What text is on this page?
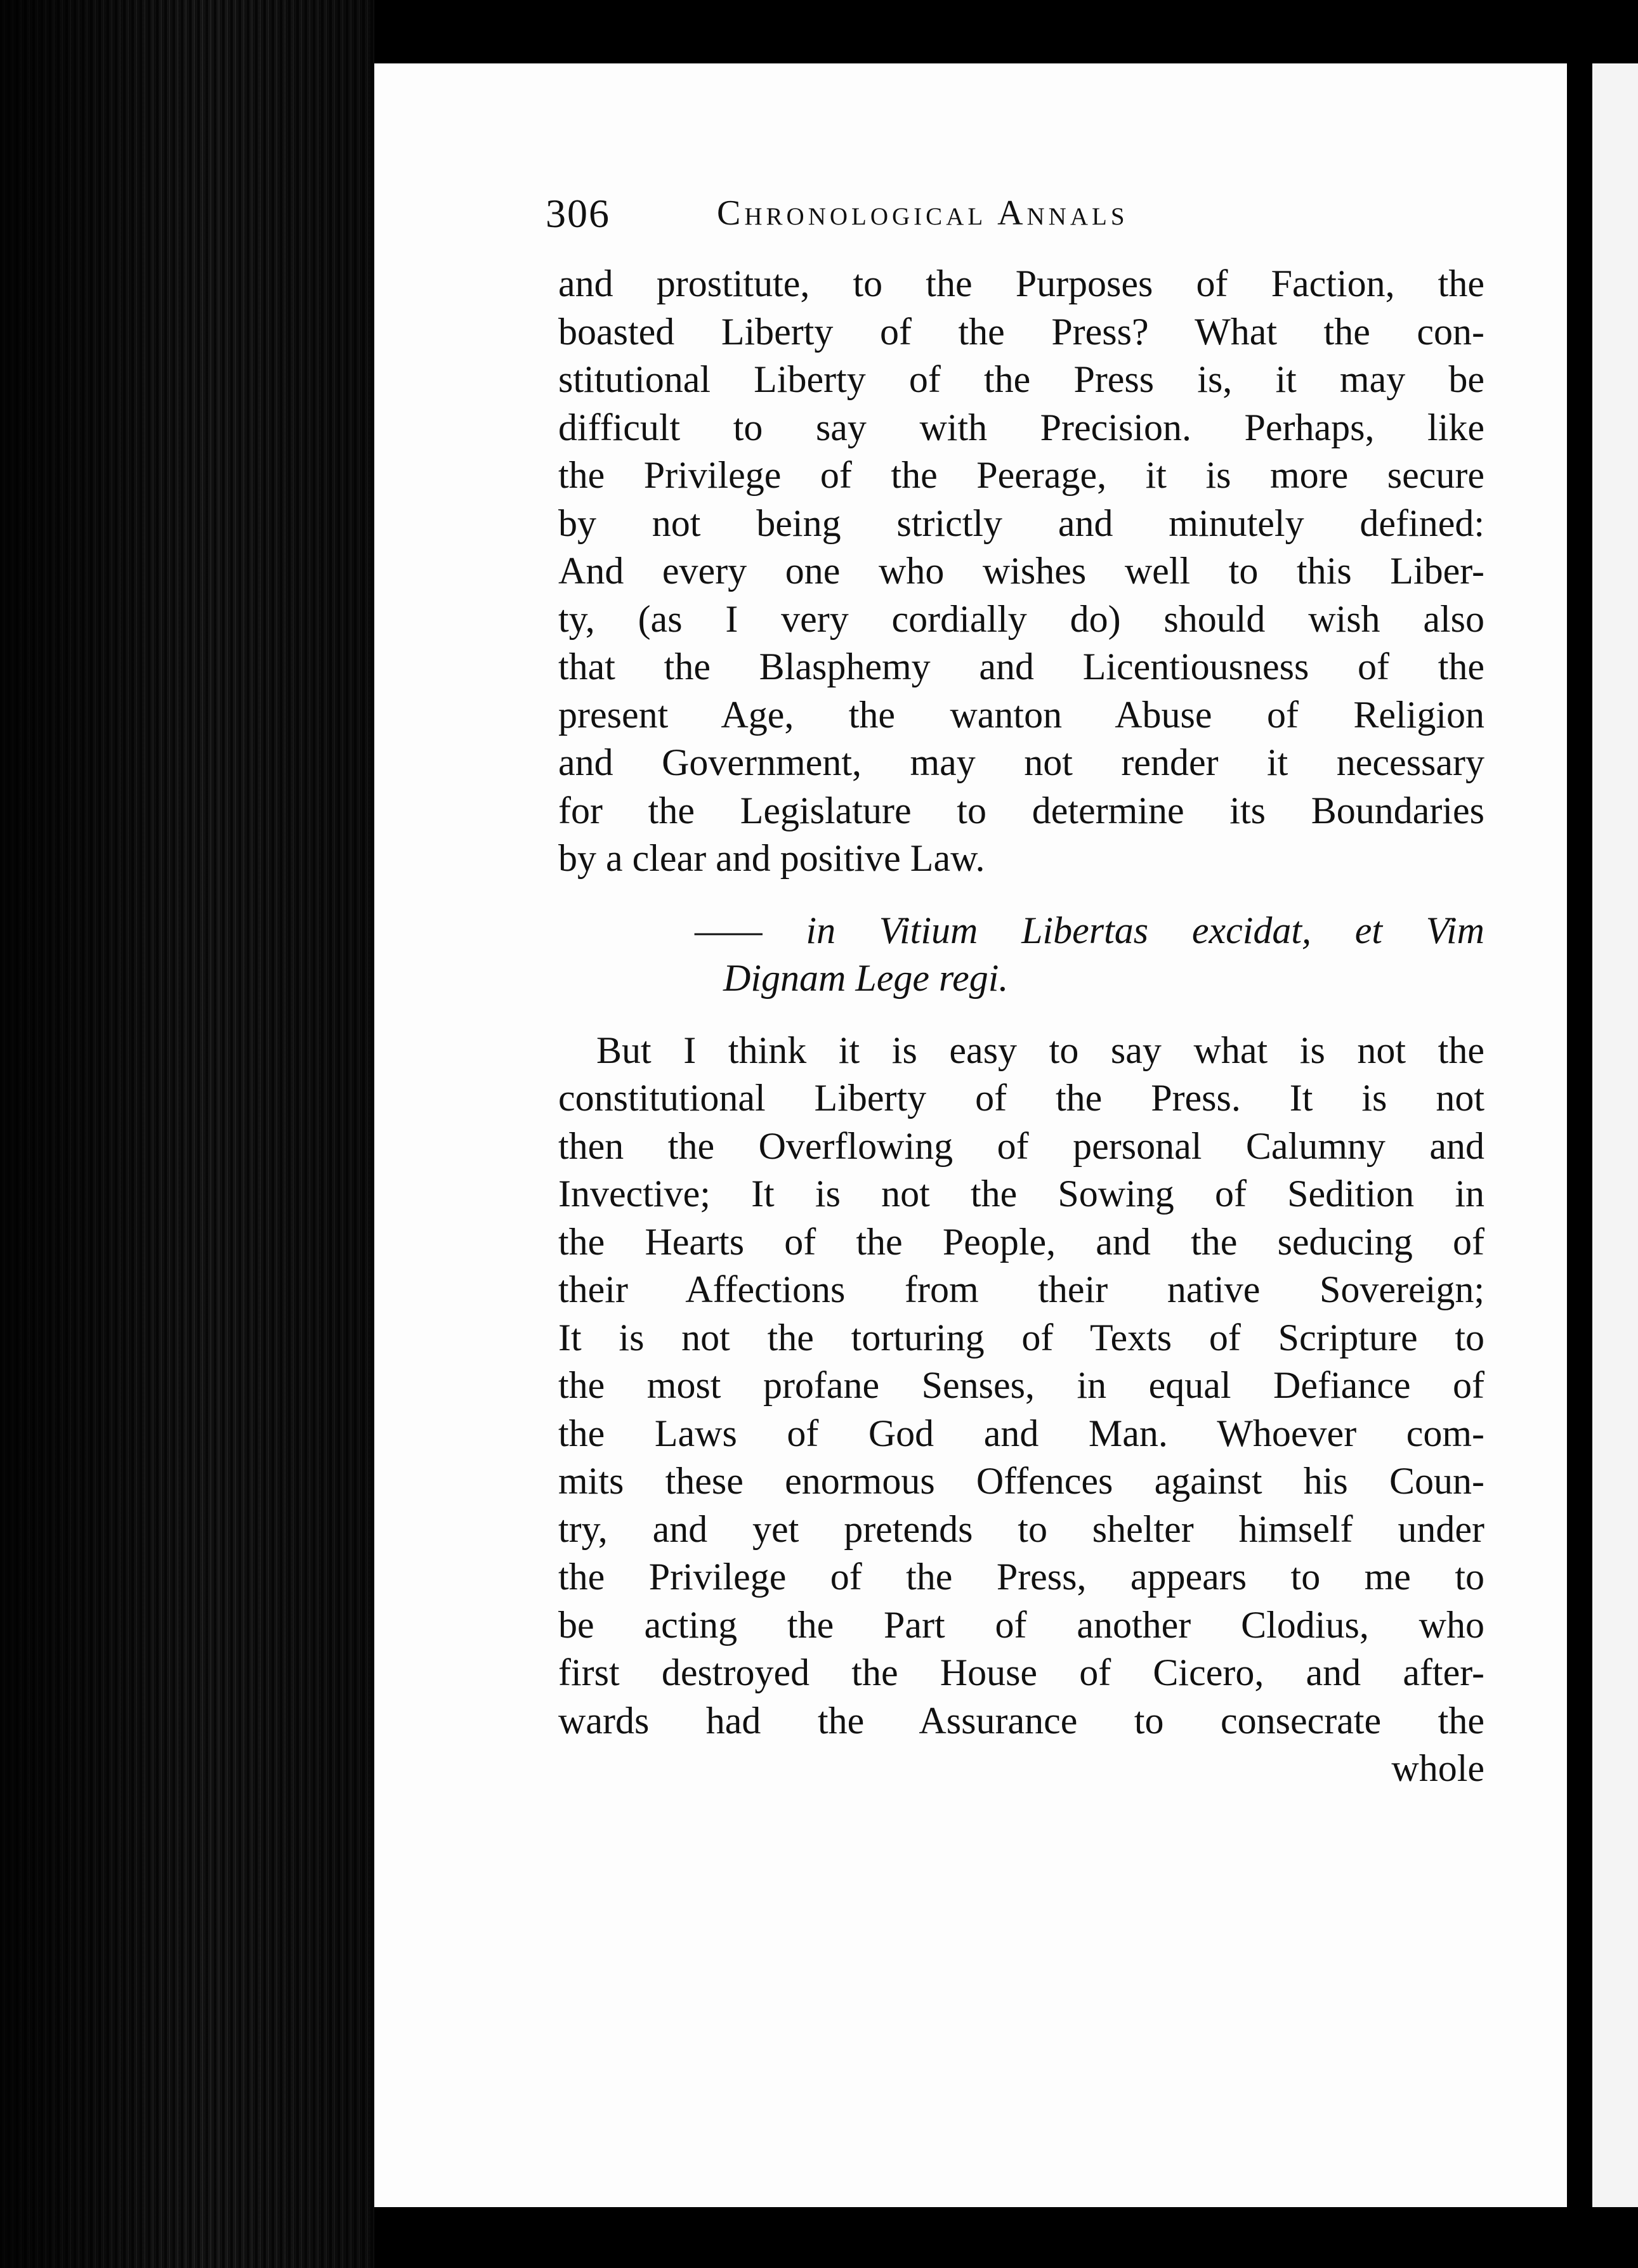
306	Chronological Annals
and prostitute, to the Purposes of Faction, the
boasted Liberty of the Press? What the con-
stitutional Liberty of the Press is, it may be
difficult to say with Precision. Perhaps, like
the Privilege of the Peerage, it is more secure
by not being strictly and minutely defined:
And every one who wishes well to this Liber-
ty, (as I very cordially do) should wish also
that the Blasphemy and Licentiousness of the
present Age, the wanton Abuse of Religion
and Government, may not render it necessary
for the Legislature to determine its Boundaries
by a clear and positive Law.
—— in Vitium Libertas excidat, et Vim
Dignam Lege regi.
But I think it is easy to say what is not the
constitutional Liberty of the Press. It is not
then the Overflowing of personal Calumny and
Invective; It is not the Sowing of Sedition in
the Hearts of the People, and the seducing of
their Affections from their native Sovereign;
It is not the torturing of Texts of Scripture to
the most profane Senses, in equal Defiance of
the Laws of God and Man. Whoever com-
mits these enormous Offences against his Coun-
try, and yet pretends to shelter himself under
the Privilege of the Press, appears to me to
be acting the Part of another Clodius, who
first destroyed the House of Cicero, and after-
wards had the Assurance to consecrate the
whole
